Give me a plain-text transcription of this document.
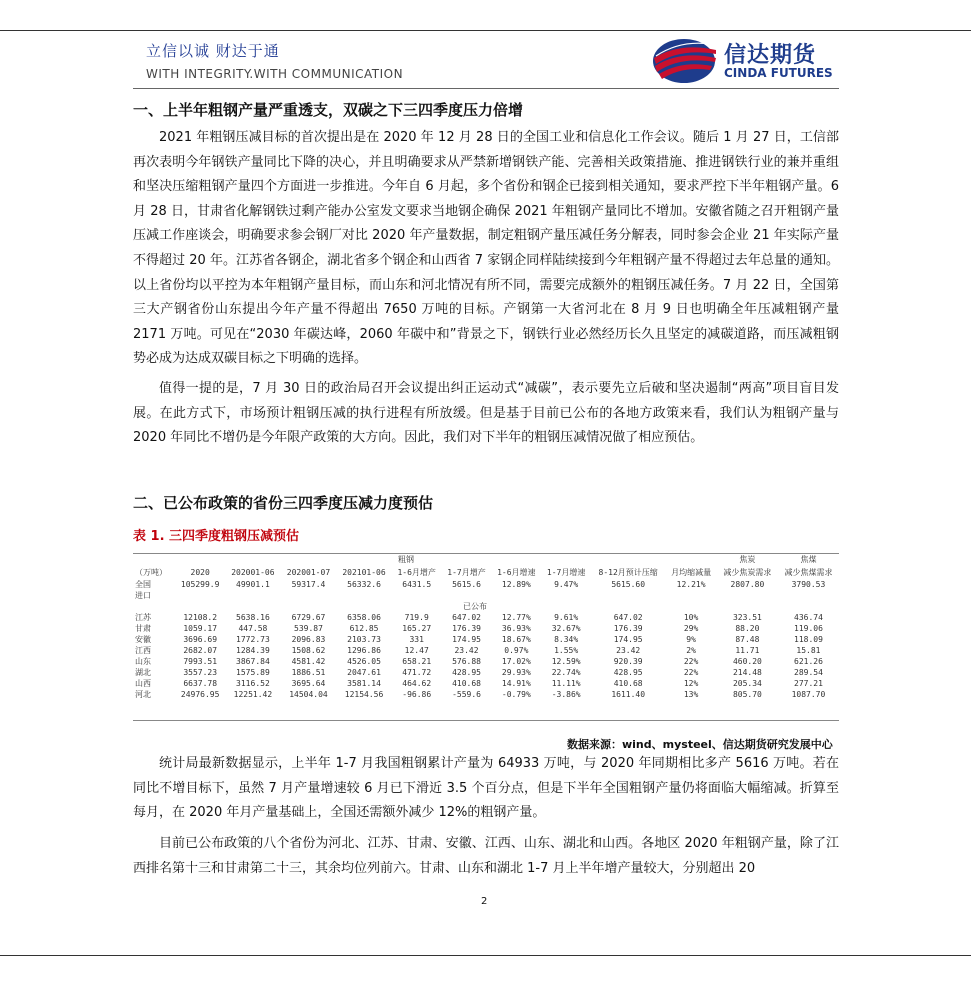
立信以诚 财达于通
WITH INTEGRITY.WITH COMMUNICATION
信达期货
CINDA FUTURES
一、上半年粗钢产量严重透支，双碳之下三四季度压力倍增

2021 年粗钢压减目标的首次提出是在 2020 年 12 月 28 日的全国工业和信息化工作会议。随后 1 月 27 日，工信部再次表明今年钢铁产量同比下降的决心，并且明确要求从严禁新增钢铁产能、完善相关政策措施、推进钢铁行业的兼并重组和坚决压缩粗钢产量四个方面进一步推进。今年自 6 月起，多个省份和钢企已接到相关通知，要求严控下半年粗钢产量。6 月 28 日，甘肃省化解钢铁过剩产能办公室发文要求当地钢企确保 2021 年粗钢产量同比不增加。安徽省随之召开粗钢产量压减工作座谈会，明确要求参会钢厂对比 2020 年产量数据，制定粗钢产量压减任务分解表，同时参会企业 21 年实际产量不得超过 20 年。江苏省各钢企，湖北省多个钢企和山西省 7 家钢企同样陆续接到今年粗钢产量不得超过去年总量的通知。以上省份均以平控为本年粗钢产量目标，而山东和河北情况有所不同，需要完成额外的粗钢压减任务。7 月 22 日，全国第三大产钢省份山东提出今年产量不得超出 7650 万吨的目标。产钢第一大省河北在 8 月 9 日也明确全年压减粗钢产量 2171 万吨。可见在“2030 年碳达峰，2060 年碳中和”背景之下，钢铁行业必然经历长久且坚定的减碳道路，而压减粗钢势必成为达成双碳目标之下明确的选择。

值得一提的是，7 月 30 日的政治局召开会议提出纠正运动式“减碳”，表示要先立后破和坚决遏制“两高”项目盲目发展。在此方式下，市场预计粗钢压减的执行进程有所放缓。但是基于目前已公布的各地方政策来看，我们认为粗钢产量与 2020 年同比不增仍是今年限产政策的大方向。因此，我们对下半年的粗钢压减情况做了相应预估。

二、已公布政策的省份三四季度压减力度预估
表 1. 三四季度粗钢压减预估
粗钢											焦炭	焦煤
（万吨）	2020	202001-06	202001-07	202101-06	1-6月增产	1-7月增产	1-6月增速	1-7月增速	8-12月预计压缩	月均缩减量	减少焦炭需求	减少焦煤需求
全国	105299.9	49901.1	59317.4	56332.6	6431.5	5615.6	12.89%	9.47%	5615.60	12.21%	2807.80	3790.53
进口												
已公布												
江苏	12108.2	5638.16	6729.67	6358.06	719.9	647.02	12.77%	9.61%	647.02	10%	323.51	436.74
甘肃	1059.17	447.58	539.87	612.85	165.27	176.39	36.93%	32.67%	176.39	29%	88.20	119.06
安徽	3696.69	1772.73	2096.83	2103.73	331	174.95	18.67%	8.34%	174.95	9%	87.48	118.09
江西	2682.07	1284.39	1508.62	1296.86	12.47	23.42	0.97%	1.55%	23.42	2%	11.71	15.81
山东	7993.51	3867.84	4581.42	4526.05	658.21	576.88	17.02%	12.59%	920.39	22%	460.20	621.26
湖北	3557.23	1575.89	1886.51	2047.61	471.72	428.95	29.93%	22.74%	428.95	22%	214.48	289.54
山西	6637.78	3116.52	3695.64	3581.14	464.62	410.68	14.91%	11.11%	410.68	12%	205.34	277.21
河北	24976.95	12251.42	14504.04	12154.56	-96.86	-559.6	-0.79%	-3.86%	1611.40	13%	805.70	1087.70
数据来源：wind、mysteel、信达期货研究发展中心

统计局最新数据显示，上半年 1-7 月我国粗钢累计产量为 64933 万吨，与 2020 年同期相比多产 5616 万吨。若在同比不增目标下，虽然 7 月产量增速较 6 月已下滑近 3.5 个百分点，但是下半年全国粗钢产量仍将面临大幅缩减。折算至每月，在 2020 年月产量基础上，全国还需额外减少 12%的粗钢产量。

目前已公布政策的八个省份为河北、江苏、甘肃、安徽、江西、山东、湖北和山西。各地区 2020 年粗钢产量，除了江西排名第十三和甘肃第二十三，其余均位列前六。甘肃、山东和湖北 1-7 月上半年增产量较大，分别超出 20

2
